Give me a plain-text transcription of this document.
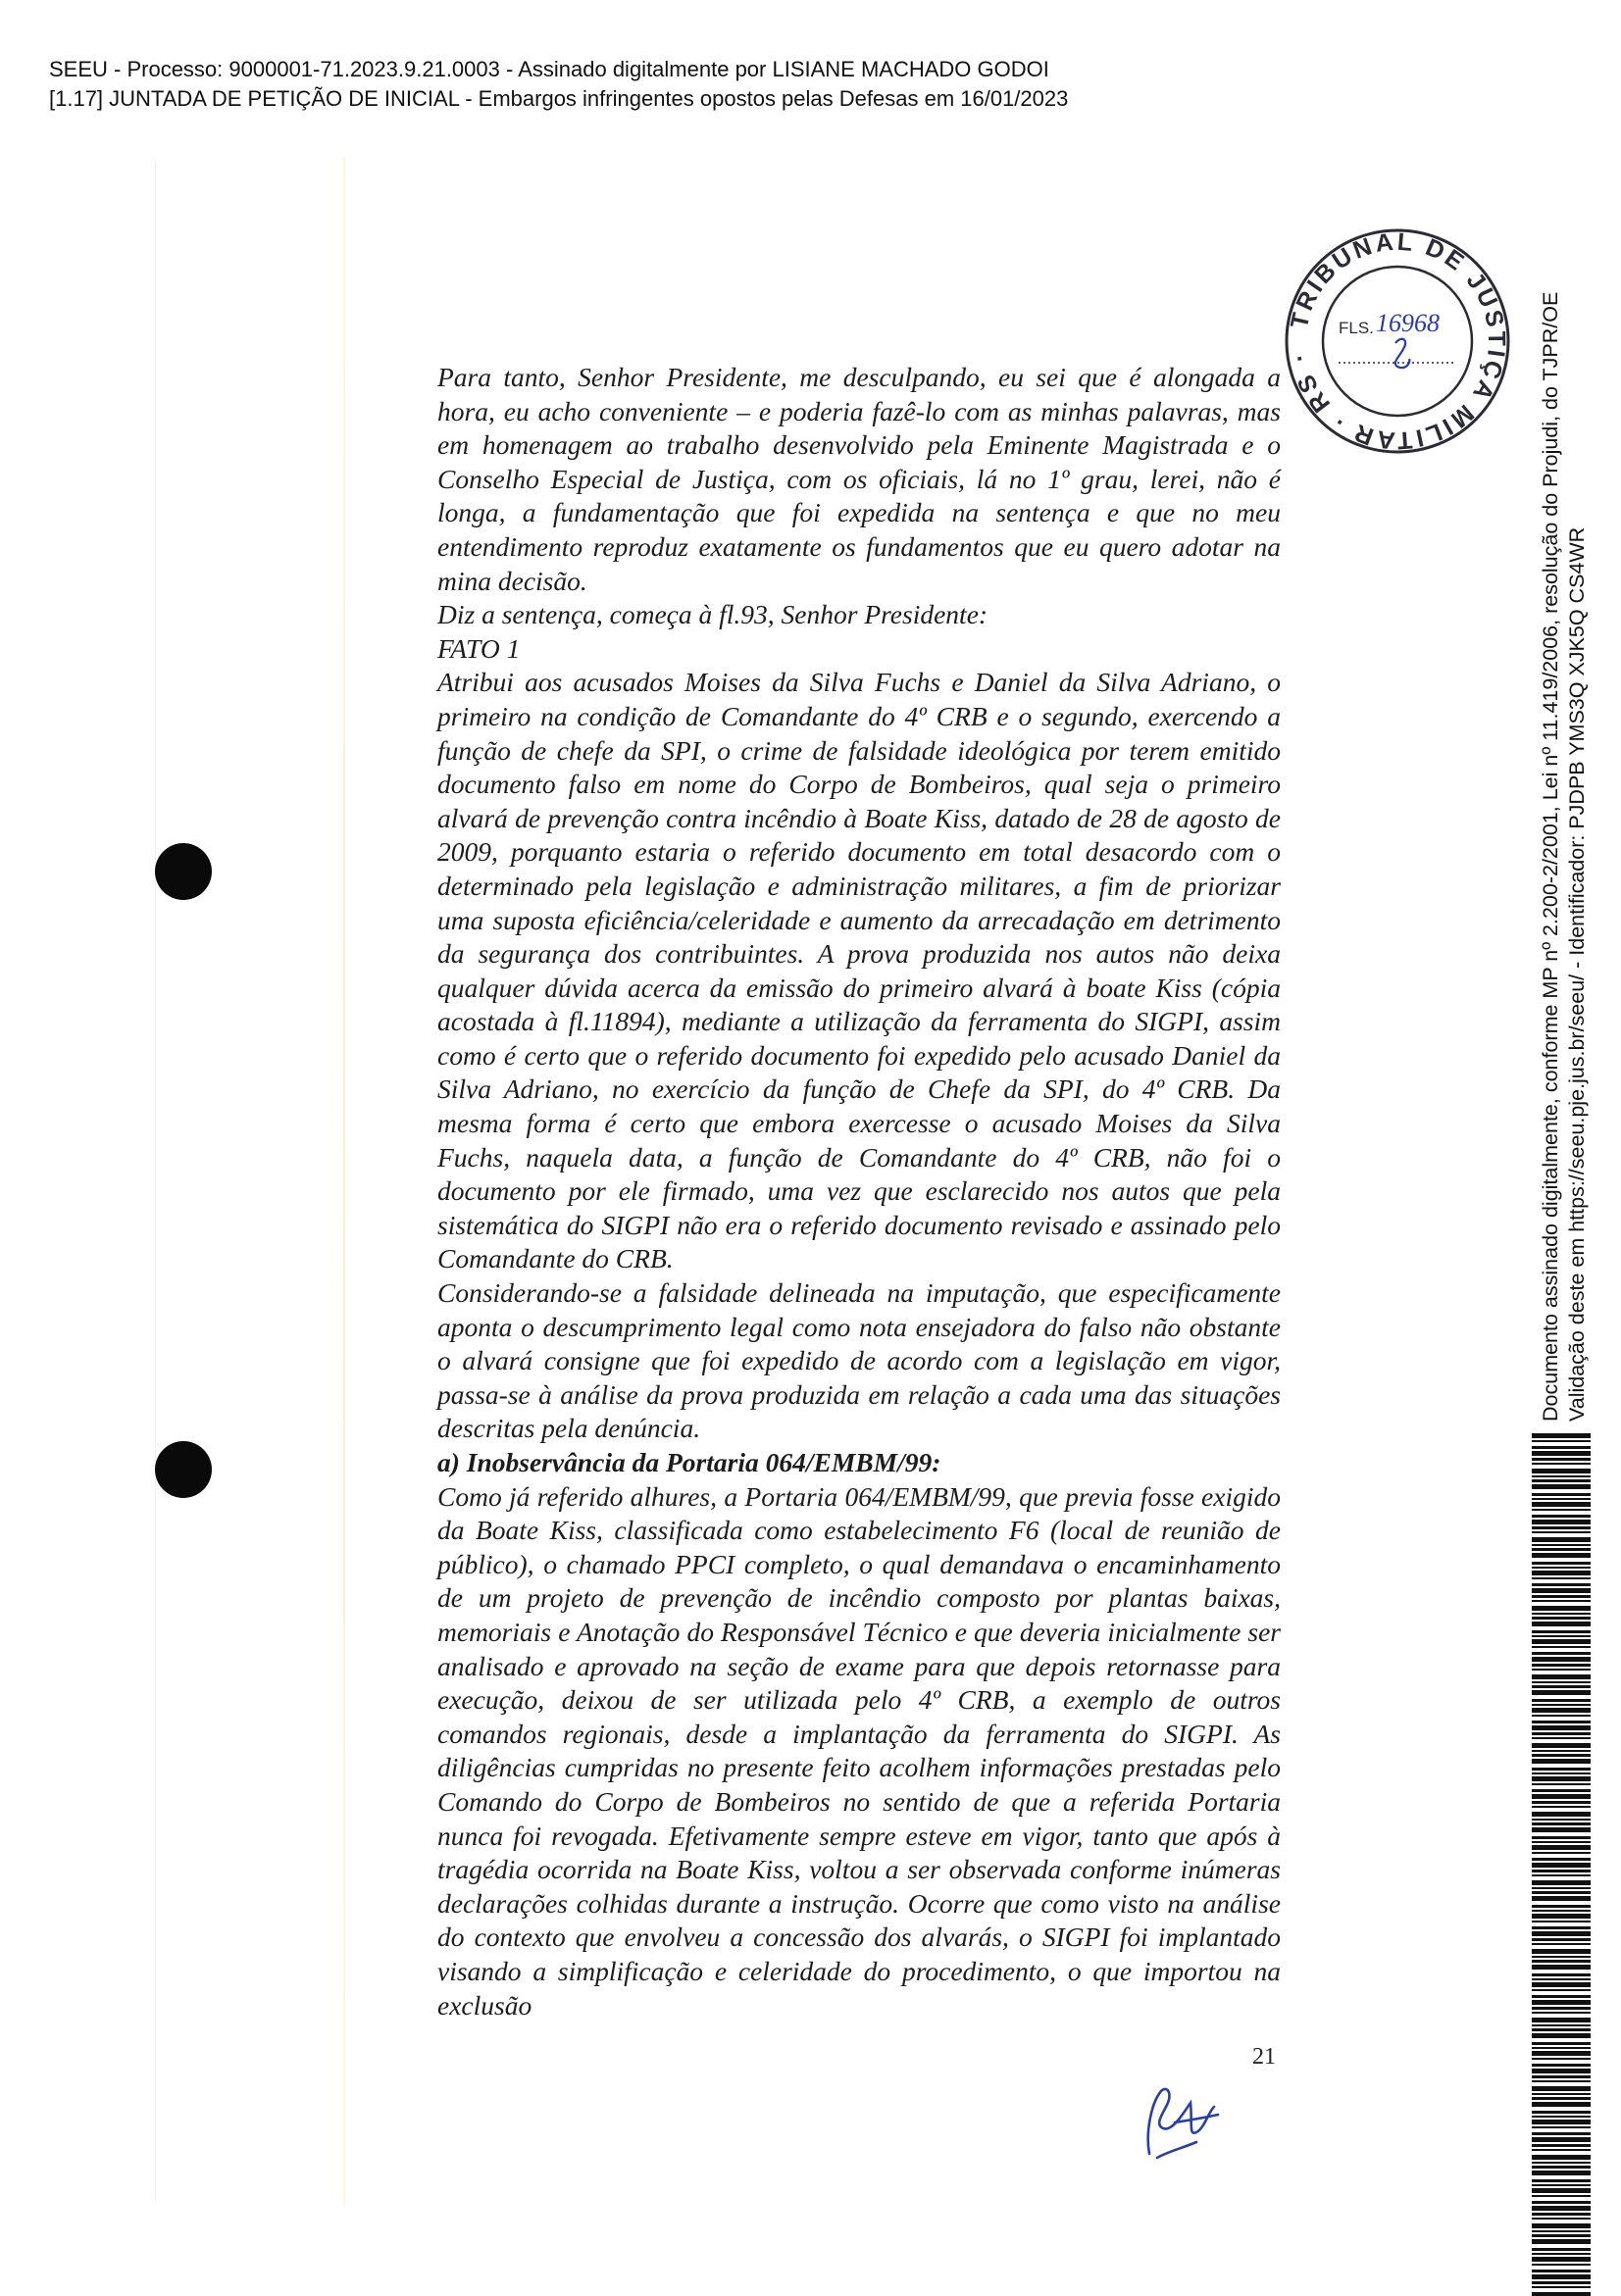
SEEU - Processo: 9000001-71.2023.9.21.0003 - Assinado digitalmente por LISIANE MACHADO GODOI
[1.17] JUNTADA DE PETIÇÃO DE INICIAL - Embargos infringentes opostos pelas Defesas em 16/01/2023
TRIBUNAL DE JUSTIÇA MILITAR · RS ·
FLS. 16968

Para tanto, Senhor Presidente, me desculpando, eu sei que é alongada a hora, eu acho conveniente – e poderia fazê-lo com as minhas palavras, mas em homenagem ao trabalho desenvolvido pela Eminente Magistrada e o Conselho Especial de Justiça, com os oficiais, lá no 1º grau, lerei, não é longa, a fundamentação que foi expedida na sentença e que no meu entendimento reproduz exatamente os fundamentos que eu quero adotar na mina decisão.

Diz a sentença, começa à fl.93, Senhor Presidente:

FATO 1

Atribui aos acusados Moises da Silva Fuchs e Daniel da Silva Adriano, o primeiro na condição de Comandante do 4º CRB e o segundo, exercendo a função de chefe da SPI, o crime de falsidade ideológica por terem emitido documento falso em nome do Corpo de Bombeiros, qual seja o primeiro alvará de prevenção contra incêndio à Boate Kiss, datado de 28 de agosto de 2009, porquanto estaria o referido documento em total desacordo com o determinado pela legislação e administração militares, a fim de priorizar uma suposta eficiência/celeridade e aumento da arrecadação em detrimento da segurança dos contribuintes. A prova produzida nos autos não deixa qualquer dúvida acerca da emissão do primeiro alvará à boate Kiss (cópia acostada à fl.11894), mediante a utilização da ferramenta do SIGPI, assim como é certo que o referido documento foi expedido pelo acusado Daniel da Silva Adriano, no exercício da função de Chefe da SPI, do 4º CRB. Da mesma forma é certo que embora exercesse o acusado Moises da Silva Fuchs, naquela data, a função de Comandante do 4º CRB, não foi o documento por ele firmado, uma vez que esclarecido nos autos que pela sistemática do SIGPI não era o referido documento revisado e assinado pelo Comandante do CRB.

Considerando-se a falsidade delineada na imputação, que especificamente aponta o descumprimento legal como nota ensejadora do falso não obstante o alvará consigne que foi expedido de acordo com a legislação em vigor, passa-se à análise da prova produzida em relação a cada uma das situações descritas pela denúncia.

a) Inobservância da Portaria 064/EMBM/99:

Como já referido alhures, a Portaria 064/EMBM/99, que previa fosse exigido da Boate Kiss, classificada como estabelecimento F6 (local de reunião de público), o chamado PPCI completo, o qual demandava o encaminhamento de um projeto de prevenção de incêndio composto por plantas baixas, memoriais e Anotação do Responsável Técnico e que deveria inicialmente ser analisado e aprovado na seção de exame para que depois retornasse para execução, deixou de ser utilizada pelo 4º CRB, a exemplo de outros comandos regionais, desde a implantação da ferramenta do SIGPI. As diligências cumpridas no presente feito acolhem informações prestadas pelo Comando do Corpo de Bombeiros no sentido de que a referida Portaria nunca foi revogada. Efetivamente sempre esteve em vigor, tanto que após à tragédia ocorrida na Boate Kiss, voltou a ser observada conforme inúmeras declarações colhidas durante a instrução. Ocorre que como visto na análise do contexto que envolveu a concessão dos alvarás, o SIGPI foi implantado visando a simplificação e celeridade do procedimento, o que importou na exclusão

21
Documento assinado digitalmente, conforme MP nº 2.200-2/2001, Lei nº 11.419/2006, resolução do Projudi, do TJPR/OE Validação deste em https://seeu.pje.jus.br/seeu/ - Identificador: PJDPB YMS3Q XJK5Q CS4WR
